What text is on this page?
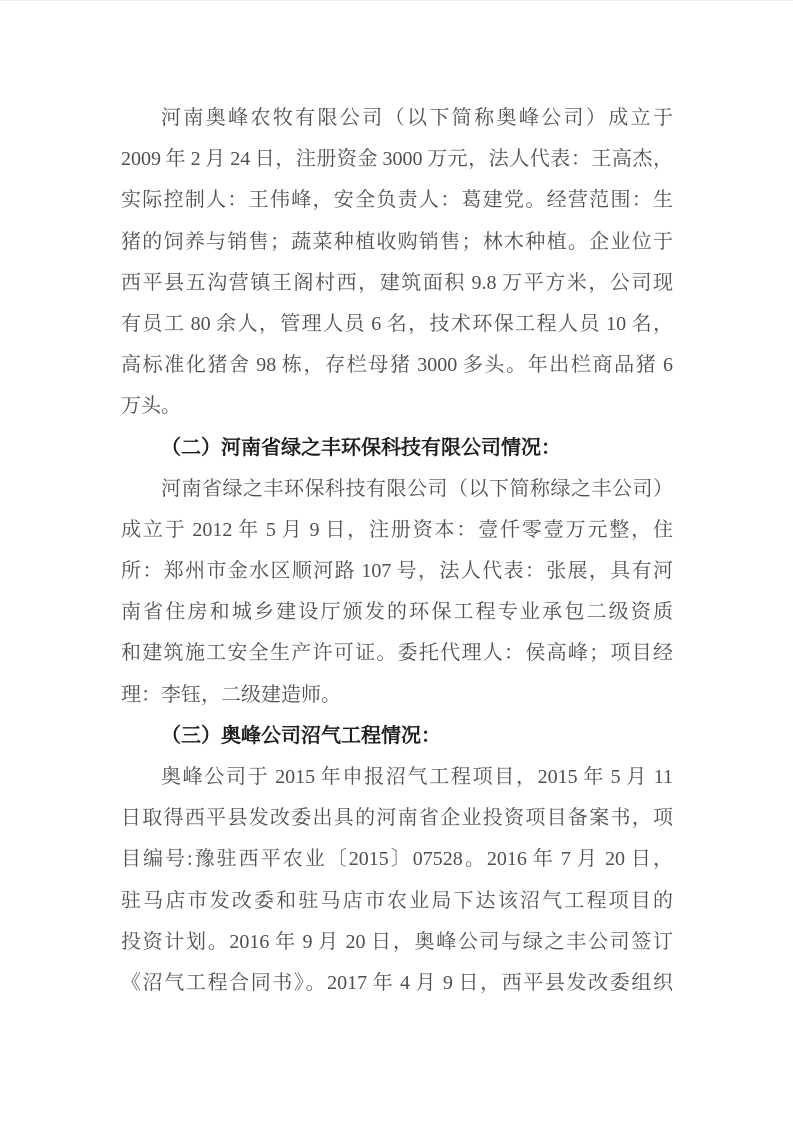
河南奥峰农牧有限公司（以下简称奥峰公司）成立于
2009 年 2 月 24 日，注册资金 3000 万元，法人代表：王高杰，
实际控制人：王伟峰，安全负责人：葛建党。经营范围：生
猪的饲养与销售；蔬菜种植收购销售；林木种植。企业位于
西平县五沟营镇王阁村西，建筑面积 9.8 万平方米，公司现
有员工 80 余人，管理人员 6 名，技术环保工程人员 10 名，
高标准化猪舍 98 栋，存栏母猪 3000 多头。年出栏商品猪 6
万头。
（二）河南省绿之丰环保科技有限公司情况：
河南省绿之丰环保科技有限公司（以下简称绿之丰公司）
成立于 2012 年 5 月 9 日，注册资本：壹仟零壹万元整，住
所：郑州市金水区顺河路 107 号，法人代表：张展，具有河
南省住房和城乡建设厅颁发的环保工程专业承包二级资质
和建筑施工安全生产许可证。委托代理人：侯高峰；项目经
理：李钰，二级建造师。
（三）奥峰公司沼气工程情况：
奥峰公司于 2015 年申报沼气工程项目，2015 年 5 月 11
日取得西平县发改委出具的河南省企业投资项目备案书，项
目编号:豫驻西平农业〔2015〕07528。2016 年 7 月 20 日，
驻马店市发改委和驻马店市农业局下达该沼气工程项目的
投资计划。2016 年 9 月 20 日，奥峰公司与绿之丰公司签订
《沼气工程合同书》。2017 年 4 月 9 日，西平县发改委组织
